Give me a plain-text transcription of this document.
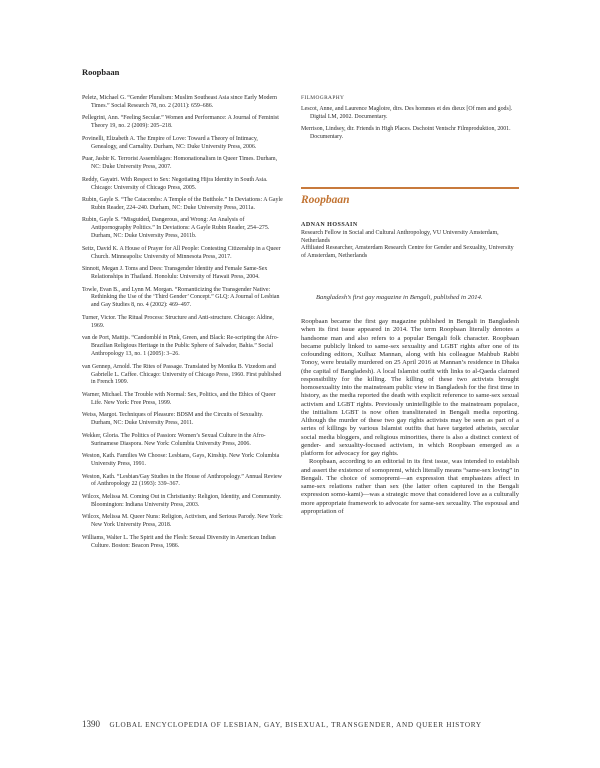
Roopbaan

Peletz, Michael G. “Gender Pluralism: Muslim Southeast Asia since Early Modern Times.” Social Research 78, no. 2 (2011): 659–686.

Pellegrini, Ann. “Feeling Secular.” Women and Performance: A Journal of Feminist Theory 19, no. 2 (2009): 205–218.

Povinelli, Elizabeth A. The Empire of Love: Toward a Theory of Intimacy, Genealogy, and Carnality. Durham, NC: Duke University Press, 2006.

Puar, Jasbir K. Terrorist Assemblages: Homonationalism in Queer Times. Durham, NC: Duke University Press, 2007.

Reddy, Gayatri. With Respect to Sex: Negotiating Hijra Identity in South Asia. Chicago: University of Chicago Press, 2005.

Rubin, Gayle S. “The Catacombs: A Temple of the Butthole.” In Deviations: A Gayle Rubin Reader, 224–240. Durham, NC: Duke University Press, 2011a.

Rubin, Gayle S. “Misguided, Dangerous, and Wrong: An Analysis of Antipornography Politics.” In Deviations: A Gayle Rubin Reader, 254–275. Durham, NC: Duke University Press, 2011b.

Seitz, David K. A House of Prayer for All People: Contesting Citizenship in a Queer Church. Minneapolis: University of Minnesota Press, 2017.

Sinnott, Megan J. Toms and Dees: Transgender Identity and Female Same-Sex Relationships in Thailand. Honolulu: University of Hawaii Press, 2004.

Towle, Evan B., and Lynn M. Morgan. “Romanticizing the Transgender Native: Rethinking the Use of the ‘Third Gender’ Concept.” GLQ: A Journal of Lesbian and Gay Studies 8, no. 4 (2002): 469–497.

Turner, Victor. The Ritual Process: Structure and Anti-structure. Chicago: Aldine, 1969.

van de Port, Mattijs. “Candomblé in Pink, Green, and Black: Re-scripting the Afro-Brazilian Religious Heritage in the Public Sphere of Salvador, Bahia.” Social Anthropology 13, no. 1 (2005): 3–26.

van Gennep, Arnold. The Rites of Passage. Translated by Monika B. Vizedom and Gabrielle L. Caffee. Chicago: University of Chicago Press, 1960. First published in French 1909.

Warner, Michael. The Trouble with Normal: Sex, Politics, and the Ethics of Queer Life. New York: Free Press, 1999.

Weiss, Margot. Techniques of Pleasure: BDSM and the Circuits of Sexuality. Durham, NC: Duke University Press, 2011.

Wekker, Gloria. The Politics of Passion: Women’s Sexual Culture in the Afro-Surinamese Diaspora. New York: Columbia University Press, 2006.

Weston, Kath. Families We Choose: Lesbians, Gays, Kinship. New York: Columbia University Press, 1991.

Weston, Kath. “Lesbian/Gay Studies in the House of Anthropology.” Annual Review of Anthropology 22 (1993): 339–367.

Wilcox, Melissa M. Coming Out in Christianity: Religion, Identity, and Community. Bloomington: Indiana University Press, 2003.

Wilcox, Melissa M. Queer Nuns: Religion, Activism, and Serious Parody. New York: New York University Press, 2018.

Williams, Walter L. The Spirit and the Flesh: Sexual Diversity in American Indian Culture. Boston: Beacon Press, 1986.

FILMOGRAPHY

Lescot, Anne, and Laurence Magloire, dirs. Des hommes et des dieux [Of men and gods]. Digital LM, 2002. Documentary.

Merrison, Lindsey, dir. Friends in High Places. Dschoint Ventschr Filmproduktion, 2001. Documentary.

Roopbaan
ADNAN HOSSAIN
Research Fellow in Social and Cultural Anthropology, VU University Amsterdam, Netherlands
Affiliated Researcher, Amsterdam Research Centre for Gender and Sexuality, University of Amsterdam, Netherlands
Bangladesh’s first gay magazine in Bengali, published in 2014.

Roopbaan became the first gay magazine published in Bengali in Bangladesh when its first issue appeared in 2014. The term Roopbaan literally denotes a handsome man and also refers to a popular Bengali folk character. Roopbaan became publicly linked to same-sex sexuality and LGBT rights after one of its cofounding editors, Xulhaz Mannan, along with his colleague Mahbub Rabbi Tonoy, were brutally murdered on 25 April 2016 at Mannan’s residence in Dhaka (the capital of Bangladesh). A local Islamist outfit with links to al-Qaeda claimed responsibility for the killing. The killing of these two activists brought homosexuality into the mainstream public view in Bangladesh for the first time in history, as the media reported the death with explicit reference to same-sex sexual activism and LGBT rights. Previously unintelligible to the mainstream populace, the initialism LGBT is now often transliterated in Bengali media reporting. Although the murder of these two gay rights activists may be seen as part of a series of killings by various Islamist outfits that have targeted atheists, secular social media bloggers, and religious minorities, there is also a distinct context of gender- and sexuality-focused activism, in which Roopbaan emerged as a platform for advocacy for gay rights.

Roopbaan, according to an editorial in its first issue, was intended to establish and assert the existence of somopremi, which literally means “same-sex loving” in Bengali. The choice of somopremi—an expression that emphasizes affect in same-sex relations rather than sex (the latter often captured in the Bengali expression somo-kami)—was a strategic move that considered love as a culturally more appropriate framework to advocate for same-sex sexuality. The espousal and appropriation of

1390 GLOBAL ENCYCLOPEDIA OF LESBIAN, GAY, BISEXUAL, TRANSGENDER, AND QUEER HISTORY
